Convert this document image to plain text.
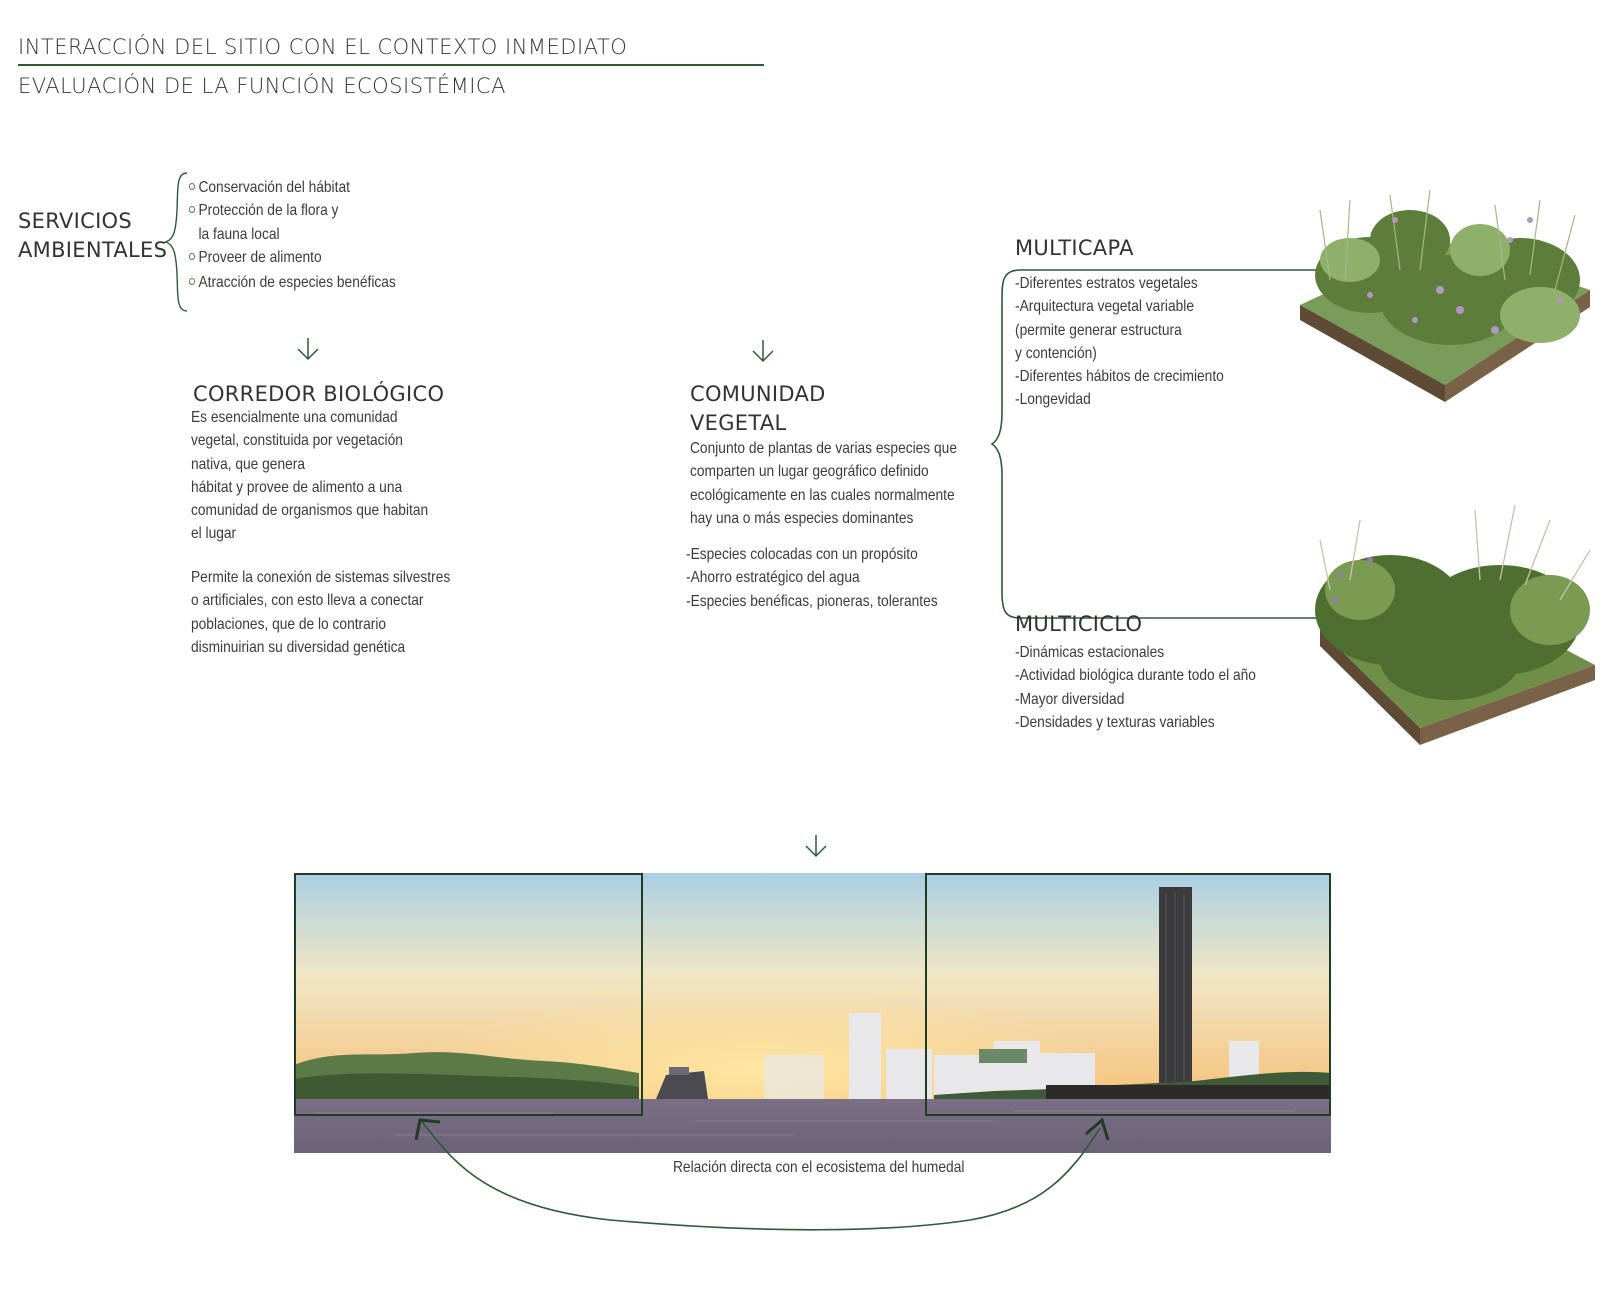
INTERACCIÓN DEL SITIO CON EL CONTEXTO INMEDIATO
EVALUACIÓN DE LA FUNCIÓN ECOSISTÉMICA
SERVICIOS
AMBIENTALES
Conservación del hábitat
Protección de la flora y
la fauna local
Proveer de alimento
Atracción de especies benéficas
CORREDOR BIOLÓGICO
Es esencialmente una comunidad
vegetal, constituida por vegetación
nativa, que genera
hábitat y provee de alimento a una
comunidad de organismos que habitan
el lugar
Permite la conexión de sistemas silvestres
o artificiales, con esto lleva a conectar
poblaciones, que de lo contrario
disminuirian su diversidad genética
COMUNIDAD
VEGETAL
Conjunto de plantas de varias especies que
comparten un lugar geográfico definido
ecológicamente en las cuales normalmente
hay una o más especies dominantes
-Especies colocadas con un propósito
-Ahorro estratégico del agua
-Especies benéficas, pioneras, tolerantes
MULTICAPA
-Diferentes estratos vegetales
-Arquitectura vegetal variable
(permite generar estructura
y contención)
-Diferentes hábitos de crecimiento
-Longevidad
MULTICICLO
-Dinámicas estacionales
-Actividad biológica durante todo el año
-Mayor diversidad
-Densidades y texturas variables
Relación directa con el ecosistema del humedal
